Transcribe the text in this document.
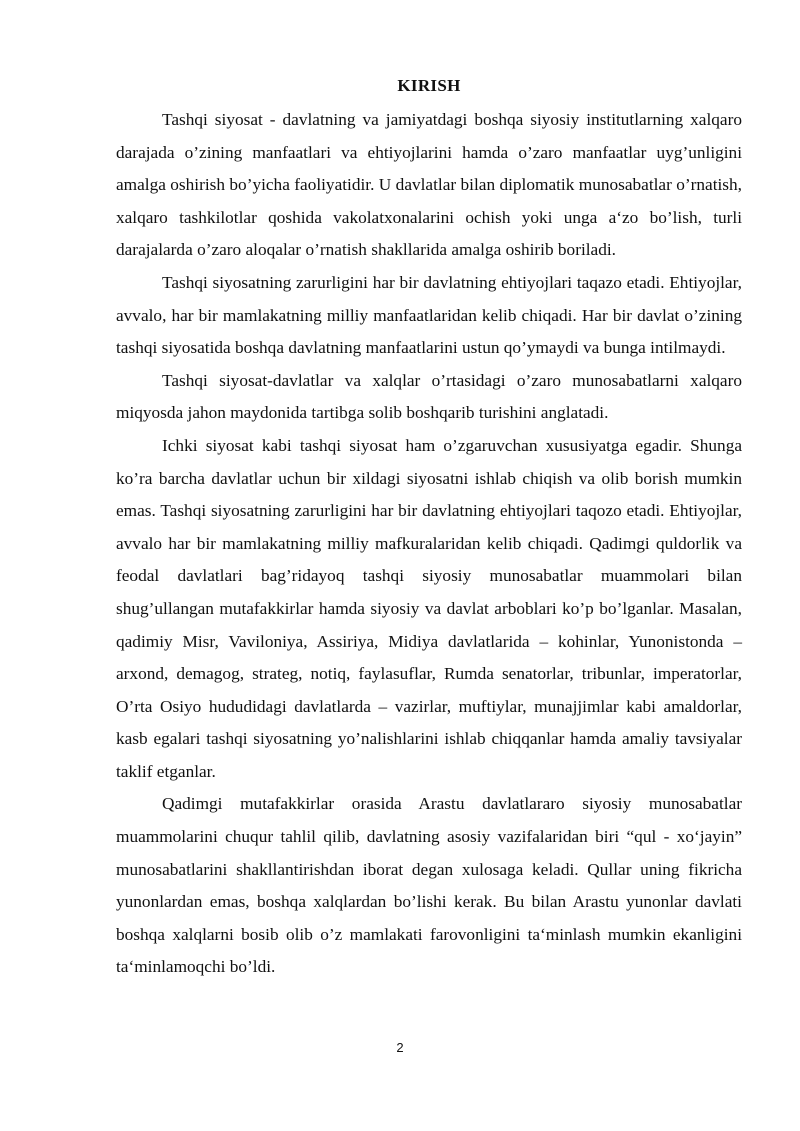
KIRISH

Tashqi siyosat - davlatning va jamiyatdagi boshqa siyosiy institutlarning xalqaro darajada o’zining manfaatlari va ehtiyojlarini hamda o’zaro manfaatlar uyg’unligini amalga oshirish bo’yicha faoliyatidir. U davlatlar bilan diplomatik munosabatlar o’rnatish, xalqaro tashkilotlar qoshida vakolatxonalarini ochish yoki unga a‘zo bo’lish, turli darajalarda o’zaro aloqalar o’rnatish shakllarida amalga oshirib boriladi.

Tashqi siyosatning zarurligini har bir davlatning ehtiyojlari taqazo etadi. Ehtiyojlar, avvalo, har bir mamlakatning milliy manfaatlaridan kelib chiqadi. Har bir davlat o’zining tashqi siyosatida boshqa davlatning manfaatlarini ustun qo’ymaydi va bunga intilmaydi.

Tashqi siyosat-davlatlar va xalqlar o’rtasidagi o’zaro munosabatlarni xalqaro miqyosda jahon maydonida tartibga solib boshqarib turishini anglatadi.

Ichki siyosat kabi tashqi siyosat ham o’zgaruvchan xususiyatga egadir. Shunga ko’ra barcha davlatlar uchun bir xildagi siyosatni ishlab chiqish va olib borish mumkin emas. Tashqi siyosatning zarurligini har bir davlatning ehtiyojlari taqozo etadi. Ehtiyojlar, avvalo har bir mamlakatning milliy mafkuralaridan kelib chiqadi. Qadimgi quldorlik va feodal davlatlari bag’ridayoq tashqi siyosiy munosabatlar muammolari bilan shug’ullangan mutafakkirlar hamda siyosiy va davlat arboblari ko’p bo’lganlar. Masalan, qadimiy Misr, Vaviloniya, Assiriya, Midiya davlatlarida – kohinlar, Yunonistonda – arxond, demagog, strateg, notiq, faylasuflar, Rumda senatorlar, tribunlar, imperatorlar, O’rta Osiyo hududidagi davlatlarda – vazirlar, muftiylar, munajjimlar kabi amaldorlar, kasb egalari tashqi siyosatning yo’nalishlarini ishlab chiqqanlar hamda amaliy tavsiyalar taklif etganlar.

Qadimgi mutafakkirlar orasida Arastu davlatlararo siyosiy munosabatlar muammolarini chuqur tahlil qilib, davlatning asosiy vazifalaridan biri “qul - xo‘jayin” munosabatlarini shakllantirishdan iborat degan xulosaga keladi. Qullar uning fikricha yunonlardan emas, boshqa xalqlardan bo’lishi kerak. Bu bilan Arastu yunonlar davlati boshqa xalqlarni bosib olib o’z mamlakati farovonligini ta‘minlash mumkin ekanligini ta‘minlamoqchi bo’ldi.

2
